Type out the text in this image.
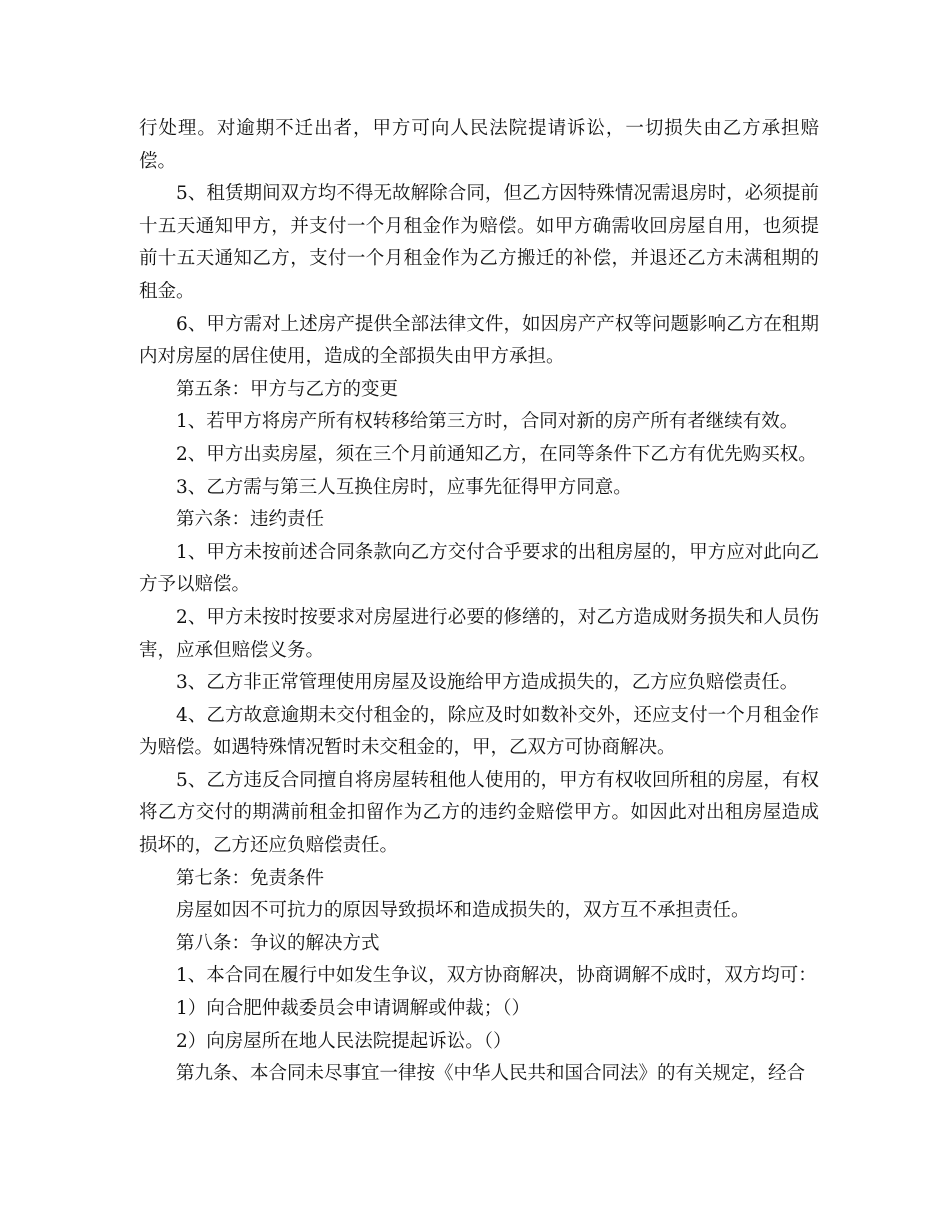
行处理。对逾期不迁出者，甲方可向人民法院提请诉讼，一切损失由乙方承担赔偿。

5、租赁期间双方均不得无故解除合同，但乙方因特殊情况需退房时，必须提前十五天通知甲方，并支付一个月租金作为赔偿。如甲方确需收回房屋自用，也须提前十五天通知乙方，支付一个月租金作为乙方搬迁的补偿，并退还乙方未满租期的租金。

6、甲方需对上述房产提供全部法律文件，如因房产产权等问题影响乙方在租期内对房屋的居住使用，造成的全部损失由甲方承担。

第五条：甲方与乙方的变更

1、若甲方将房产所有权转移给第三方时，合同对新的房产所有者继续有效。

2、甲方出卖房屋，须在三个月前通知乙方，在同等条件下乙方有优先购买权。

3、乙方需与第三人互换住房时，应事先征得甲方同意。

第六条：违约责任

1、甲方未按前述合同条款向乙方交付合乎要求的出租房屋的，甲方应对此向乙方予以赔偿。

2、甲方未按时按要求对房屋进行必要的修缮的，对乙方造成财务损失和人员伤害，应承但赔偿义务。

3、乙方非正常管理使用房屋及设施给甲方造成损失的，乙方应负赔偿责任。

4、乙方故意逾期未交付租金的，除应及时如数补交外，还应支付一个月租金作为赔偿。如遇特殊情况暂时未交租金的，甲，乙双方可协商解决。

5、乙方违反合同擅自将房屋转租他人使用的，甲方有权收回所租的房屋，有权将乙方交付的期满前租金扣留作为乙方的违约金赔偿甲方。如因此对出租房屋造成损坏的，乙方还应负赔偿责任。

第七条：免责条件

房屋如因不可抗力的原因导致损坏和造成损失的，双方互不承担责任。

第八条：争议的解决方式

1、本合同在履行中如发生争议，双方协商解决，协商调解不成时，双方均可：

1）向合肥仲裁委员会申请调解或仲裁；（）

2）向房屋所在地人民法院提起诉讼。（）

第九条、本合同未尽事宜一律按《中华人民共和国合同法》的有关规定，经合
